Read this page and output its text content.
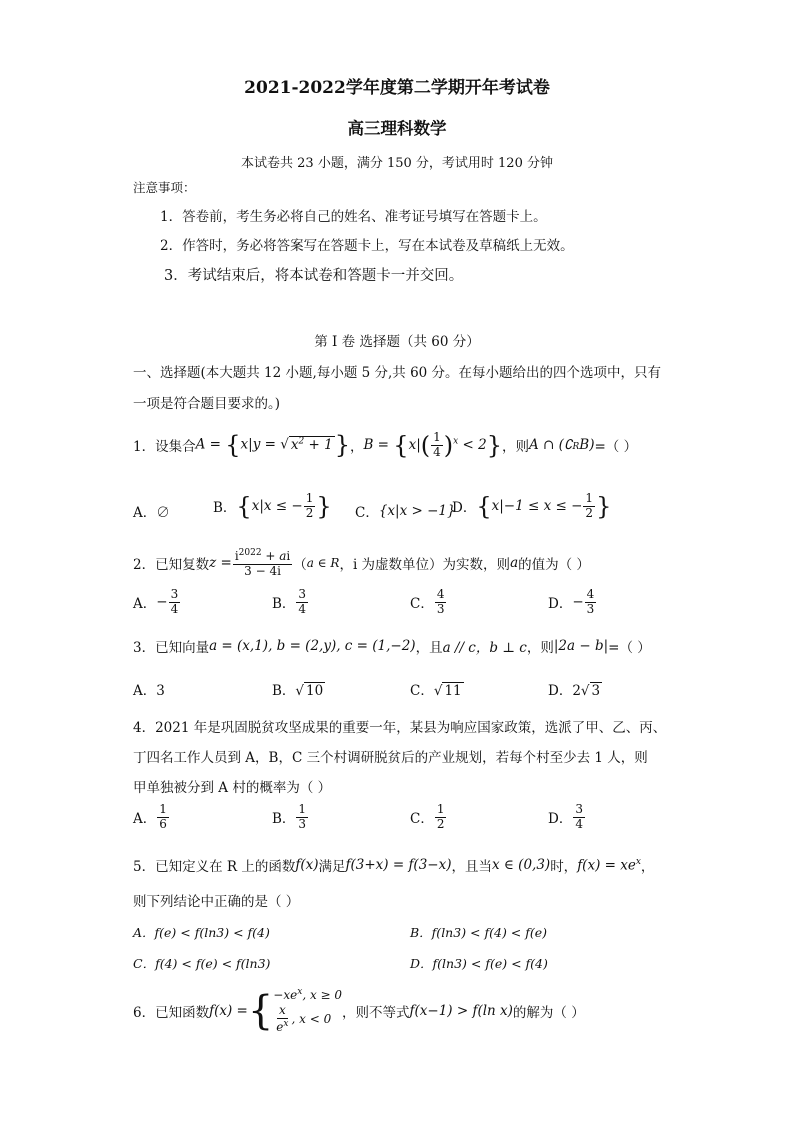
2021-2022学年度第二学期开年考试卷
高三理科数学
本试卷共 23 小题，满分 150 分，考试用时 120 分钟
注意事项：
1．答卷前，考生务必将自己的姓名、准考证号填写在答题卡上。
2．作答时，务必将答案写在答题卡上，写在本试卷及草稿纸上无效。
3．考试结束后，将本试卷和答题卡一并交回。
第 I 卷 选择题（共 60 分）
一、选择题(本大题共 12 小题,每小题 5 分,共 60 分。在每小题给出的四个选项中，只有
一项是符合题目要求的。)
1．设集合 A = {x|y = √ $x^2 + 1$} ， $B = \{x|( \frac{1}{4} )^x < 2\}$ ，则 A ∩ (∁RB) =（ ）
A．∅	B． {x|x ≤ − $\frac{1}{2}$ } C． {x|x > −1}
D． {x|−1 ≤ x ≤ − $\frac{1}{2}$ }
2．已知复数 $z = \frac{i^{2022} + ai}{3 - 4i}$ （ a ∈ R ，i 为虚数单位）为实数，则 a 的值为（ ）
A． − $\frac{3}{4}$	B． $\frac{3}{4}$	C． $\frac{4}{3}$	D． − $\frac{4}{3}$
3．已知向量 a = (x,1), b = (2,y), c = (1,−2) ，且 a // c，b ⊥ c ，则 |2a − b| =（ ）
A．3	B．√ 10	C．√ 11	D．2√ 3
4．2021 年是巩固脱贫攻坚成果的重要一年，某县为响应国家政策，选派了甲、乙、丙、
丁四名工作人员到 A，B，C 三个村调研脱贫后的产业规划，若每个村至少去 1 人，则
甲单独被分到 A 村的概率为（ ）
A． $\frac{1}{6}$	B． $\frac{1}{3}$	C． $\frac{1}{2}$	D． $\frac{3}{4}$
5．已知定义在 R 上的函数 f(x) 满足 f(3+x) = f(3−x) ，且当 x ∈ (0,3) 时， $f(x) = xe^x$ ，
则下列结论中正确的是（ ）
A．f(e) < f(ln3) < f(4)	B．f(ln3) < f(4) < f(e)
C．f(4) < f(e) < f(ln3)	D．f(ln3) < f(e) < f(4)
6．已知函数 f(x) = { $-xe^x$, x ≥ 0
$\frac{x}{e^x}$ , x < 0 ，则不等式 f(x−1) > f(ln x) 的解为（ ）
